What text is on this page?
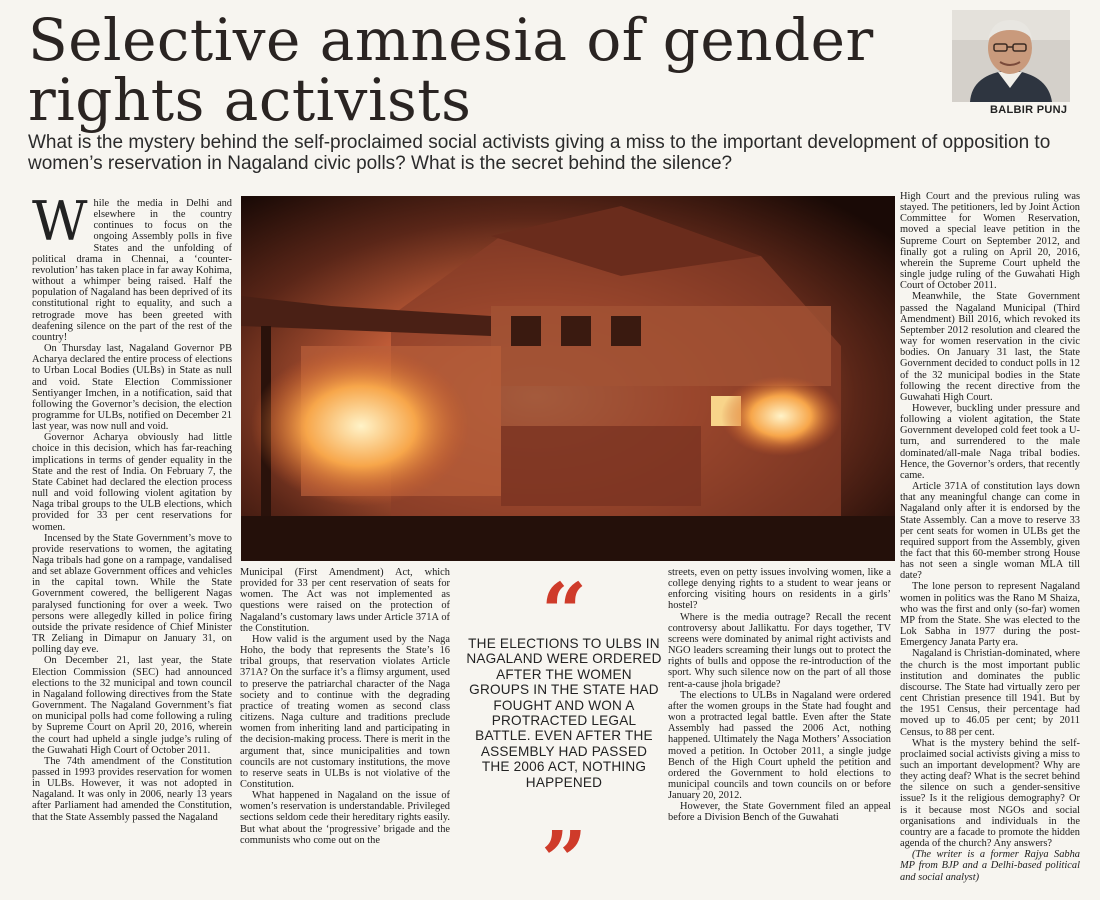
Selective amnesia of gender rights activists	BALBIR PUNJ
What is the mystery behind the self-proclaimed social activists giving a miss to the important development of opposition to women’s reservation in Nagaland civic polls? What is the secret behind the silence?
W hile the media in Delhi and elsewhere in the country continues to focus on the ongoing Assembly polls in five States and the unfolding of political drama in Chennai, a ‘counter-revolution’ has taken place in far away Kohima, without a whimper being raised. Half the population of Nagaland has been deprived of its constitutional right to equality, and such a retrograde move has been greeted with deafening silence on the part of the rest of the country!

On Thursday last, Nagaland Governor PB Acharya declared the entire process of elections to Urban Local Bodies (ULBs) in State as null and void. State Election Commissioner Sentiyanger Imchen, in a notification, said that following the Governor’s decision, the election programme for ULBs, notified on December 21 last year, was now null and void.

Governor Acharya obviously had little choice in this decision, which has far-reaching implications in terms of gender equality in the State and the rest of India. On February 7, the State Cabinet had declared the election process null and void following violent agitation by Naga tribal groups to the ULB elections, which provided for 33 per cent reservations for women.

Incensed by the State Government’s move to provide reservations to women, the agitating Naga tribals had gone on a rampage, vandalised and set ablaze Government offices and vehicles in the capital town. While the State Government cowered, the belligerent Nagas paralysed functioning for over a week. Two persons were allegedly killed in police firing outside the private residence of Chief Minister TR Zeliang in Dimapur on January 31, on polling day eve.

On December 21, last year, the State Election Commission (SEC) had announced elections to the 32 municipal and town council in Nagaland following directives from the State Government. The Nagaland Government’s fiat on municipal polls had come following a ruling by Supreme Court on April 20, 2016, wherein the court had upheld a single judge’s ruling of the Guwahati High Court of October 2011.

The 74th amendment of the Constitution passed in 1993 provides reservation for women in ULBs. However, it was not adopted in Nagaland. It was only in 2006, nearly 13 years after Parliament had amended the Constitution, that the State Assembly passed the Nagaland

Municipal (First Amendment) Act, which provided for 33 per cent reservation of seats for women. The Act was not implemented as questions were raised on the protection of Nagaland’s customary laws under Article 371A of the Constitution.

How valid is the argument used by the Naga Hoho, the body that represents the State’s 16 tribal groups, that reservation violates Article 371A? On the surface it’s a flimsy argument, used to preserve the patriarchal character of the Naga society and to continue with the degrading practice of treating women as second class citizens. Naga culture and traditions preclude women from inheriting land and participating in the decision-making process. There is merit in the argument that, since municipalities and town councils are not customary institutions, the move to reserve seats in ULBs is not violative of the Constitution.

What happened in Nagaland on the issue of women’s reservation is understandable. Privileged sections seldom cede their hereditary rights easily. But what about the ‘progressive’ brigade and the communists who come out on the

“
THE ELECTIONS TO ULBS IN NAGALAND WERE ORDERED AFTER THE WOMEN GROUPS IN THE STATE HAD FOUGHT AND WON A PROTRACTED LEGAL BATTLE. EVEN AFTER THE ASSEMBLY HAD PASSED THE 2006 ACT, NOTHING HAPPENED
”

streets, even on petty issues involving women, like a college denying rights to a student to wear jeans or enforcing visiting hours on residents in a girls’ hostel?

Where is the media outrage? Recall the recent controversy about Jallikattu. For days together, TV screens were dominated by animal right activists and NGO leaders screaming their lungs out to protect the rights of bulls and oppose the re-introduction of the sport. Why such silence now on the part of all those rent-a-cause jhola brigade?

The elections to ULBs in Nagaland were ordered after the women groups in the State had fought and won a protracted legal battle. Even after the State Assembly had passed the 2006 Act, nothing happened. Ultimately the Naga Mothers’ Association moved a petition. In October 2011, a single judge Bench of the High Court upheld the petition and ordered the Government to hold elections to municipal councils and town councils on or before January 20, 2012.

However, the State Government filed an appeal before a Division Bench of the Guwahati

High Court and the previous ruling was stayed. The petitioners, led by Joint Action Committee for Women Reservation, moved a special leave petition in the Supreme Court on September 2012, and finally got a ruling on April 20, 2016, wherein the Supreme Court upheld the single judge ruling of the Guwahati High Court of October 2011.

Meanwhile, the State Government passed the Nagaland Municipal (Third Amendment) Bill 2016, which revoked its September 2012 resolution and cleared the way for women reservation in the civic bodies. On January 31 last, the State Government decided to conduct polls in 12 of the 32 municipal bodies in the State following the recent directive from the Guwahati High Court.

However, buckling under pressure and following a violent agitation, the State Government developed cold feet took a U-turn, and surrendered to the male dominated/all-male Naga tribal bodies. Hence, the Governor’s orders, that recently came.

Article 371A of constitution lays down that any meaningful change can come in Nagaland only after it is endorsed by the State Assembly. Can a move to reserve 33 per cent seats for women in ULBs get the required support from the Assembly, given the fact that this 60-member strong House has not seen a single woman MLA till date?

The lone person to represent Nagaland women in politics was the Rano M Shaiza, who was the first and only (so-far) women MP from the State. She was elected to the Lok Sabha in 1977 during the post-Emergency Janata Party era.

Nagaland is Christian-dominated, where the church is the most important public institution and dominates the public discourse. The State had virtually zero per cent Christian presence till 1941. But by the 1951 Census, their percentage had moved up to 46.05 per cent; by 2011 Census, to 88 per cent.

What is the mystery behind the self-proclaimed social activists giving a miss to such an important development? Why are they acting deaf? What is the secret behind the silence on such a gender-sensitive issue? Is it the religious demography? Or is it because most NGOs and social organisations and individuals in the country are a facade to promote the hidden agenda of the church? Any answers?

(The writer is a former Rajya Sabha MP from BJP and a Delhi-based political and social analyst)
